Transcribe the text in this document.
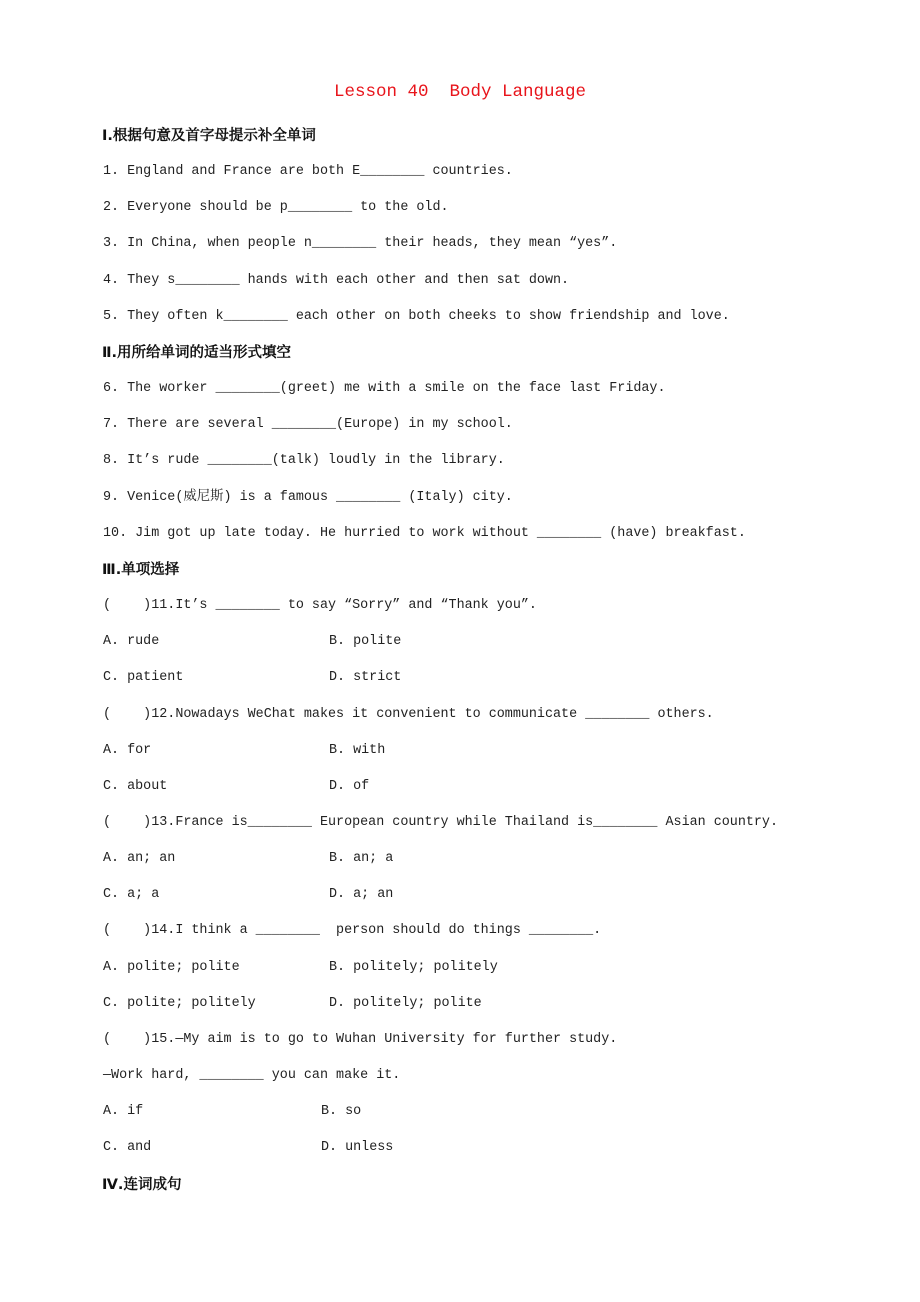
Lesson 40  Body Language
Ⅰ.根据句意及首字母提示补全单词
1. England and France are both E________ countries.
2. Everyone should be p________ to the old.
3. In China, when people n________ their heads, they mean “yes”.
4. They s________ hands with each other and then sat down.
5. They often k________ each other on both cheeks to show friendship and love.
Ⅱ.用所给单词的适当形式填空
6. The worker ________(greet) me with a smile on the face last Friday.
7. There are several ________(Europe) in my school.
8. It’s rude ________(talk) loudly in the library.
9. Venice(威尼斯) is a famous ________ (Italy) city.
10. Jim got up late today. He hurried to work without ________ (have) breakfast.
Ⅲ.单项选择
(    )11.It’s ________ to say “Sorry” and “Thank you”.
A. rude	B. polite
C. patient	D. strict
(    )12.Nowadays WeChat makes it convenient to communicate ________ others.
A. for	B. with
C. about	D. of
(    )13.France is________ European country while Thailand is________ Asian country.
A. an; an	B. an; a
C. a; a	D. a; an
(    )14.I think a ________  person should do things ________.
A. polite; polite	B. politely; politely
C. polite; politely	D. politely; polite
(    )15.—My aim is to go to Wuhan University for further study.
—Work hard, ________ you can make it.
A. if	B. so
C. and	D. unless
Ⅳ.连词成句
